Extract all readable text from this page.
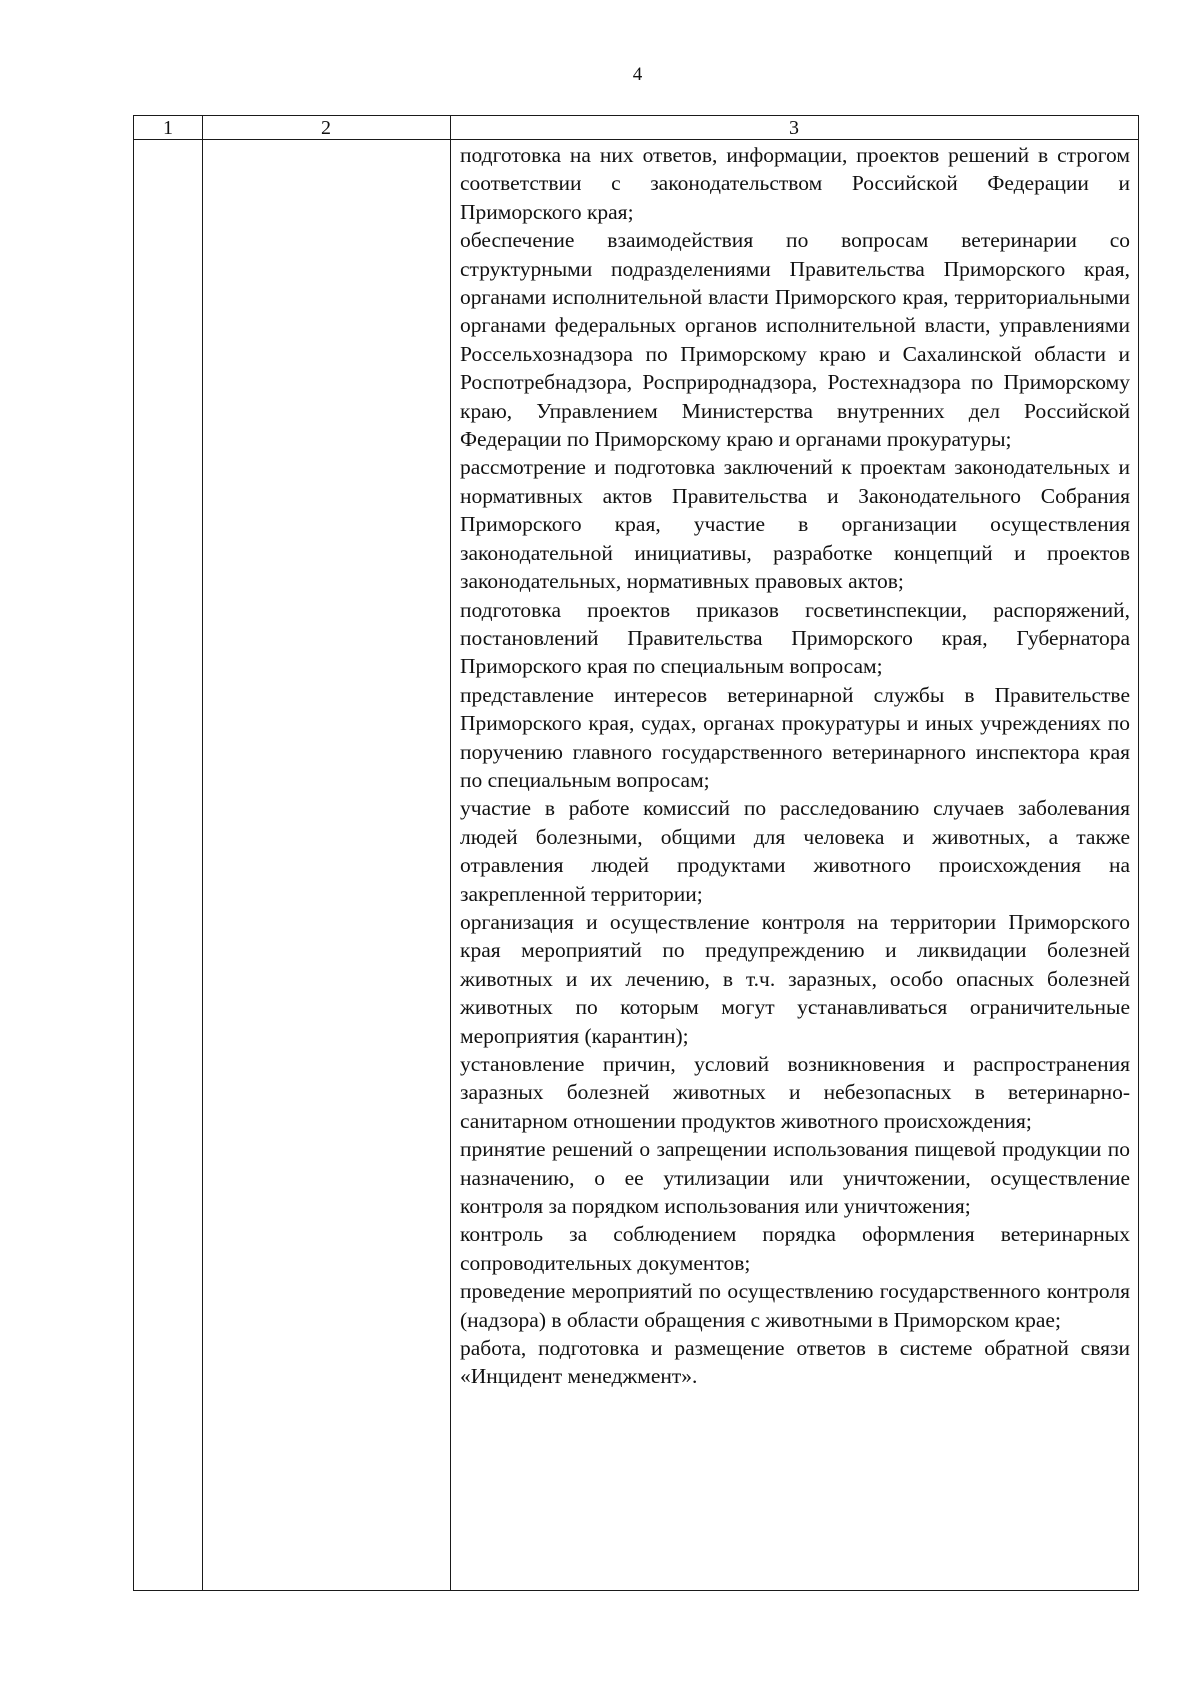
4
1	2	3

подготовка на них ответов, информации, проектов решений в строгом соответствии с законодательством Российской Федерации и Приморского края;

обеспечение взаимодействия по вопросам ветеринарии со структурными подразделениями Правительства Приморского края, органами исполнительной власти Приморского края, территориальными органами федеральных органов исполнительной власти, управлениями Россельхознадзора по Приморскому краю и Сахалинской области и Роспотребнадзора, Росприроднадзора, Ростехнадзора по Приморскому краю, Управлением Министерства внутренних дел Российской Федерации по Приморскому краю и органами прокуратуры;

рассмотрение и подготовка заключений к проектам законодательных и нормативных актов Правительства и Законодательного Собрания Приморского края, участие в организации осуществления законодательной инициативы, разработке концепций и проектов законодательных, нормативных правовых актов;

подготовка проектов приказов госветинспекции, распоряжений, постановлений Правительства Приморского края, Губернатора Приморского края по специальным вопросам;

представление интересов ветеринарной службы в Правительстве Приморского края, судах, органах прокуратуры и иных учреждениях по поручению главного государственного ветеринарного инспектора края по специальным вопросам;

участие в работе комиссий по расследованию случаев заболевания людей болезными, общими для человека и животных, а также отравления людей продуктами животного происхождения на закрепленной территории;

организация и осуществление контроля на территории Приморского края мероприятий по предупреждению и ликвидации болезней животных и их лечению, в т.ч. заразных, особо опасных болезней животных по которым могут устанавливаться ограничительные мероприятия (карантин);

установление причин, условий возникновения и распространения заразных болезней животных и небезопасных в ветеринарно-санитарном отношении продуктов животного происхождения;

принятие решений о запрещении использования пищевой продукции по назначению, о ее утилизации или уничтожении, осуществление контроля за порядком использования или уничтожения;

контроль за соблюдением порядка оформления ветеринарных сопроводительных документов;

проведение мероприятий по осуществлению государственного контроля (надзора) в области обращения с животными в Приморском крае;

работа, подготовка и размещение ответов в системе обратной связи «Инцидент менеджмент».
